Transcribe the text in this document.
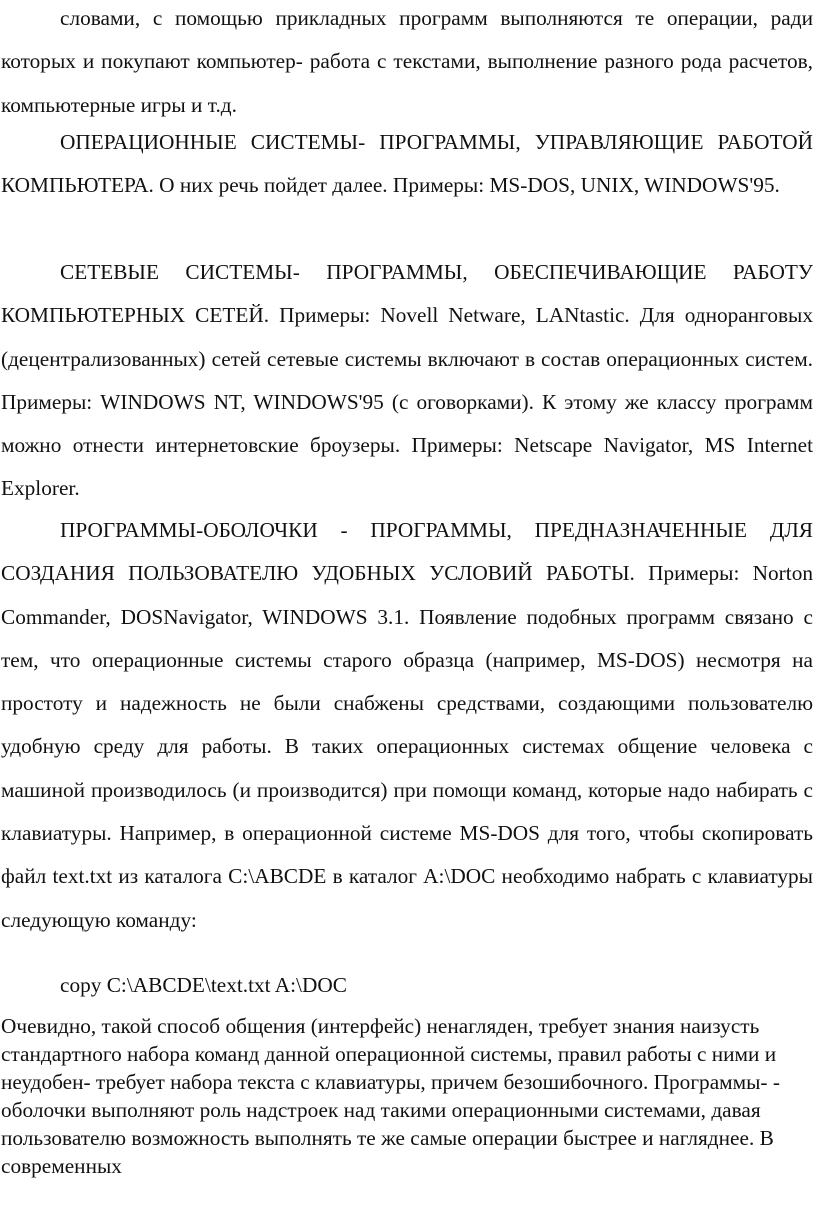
словами, с помощью прикладных программ выполняются те операции, ради которых и покупают компьютер- работа с текстами, выполнение разного рода расчетов, компьютерные игры и т.д.

ОПЕРАЦИОННЫЕ СИСТЕМЫ- ПРОГРАММЫ, УПРАВЛЯЮЩИЕ РАБОТОЙ КОМПЬЮТЕРА. О них речь пойдет далее. Примеры: MS-DOS, UNIX, WINDOWS'95.

СЕТЕВЫЕ СИСТЕМЫ- ПРОГРАММЫ, ОБЕСПЕЧИВАЮЩИЕ РАБОТУ КОМПЬЮТЕРНЫХ СЕТЕЙ. Примеры: Novell Netware, LANtastic. Для одноранговых (децентрализованных) сетей сетевые системы включают в состав операционных систем. Примеры: WINDOWS NT, WINDOWS'95 (с оговорками). К этому же классу программ можно отнести интернетовские броузеры. Примеры: Netscape Navigator, MS Internet Explorer.

ПРОГРАММЫ-ОБОЛОЧКИ - ПРОГРАММЫ, ПРЕДНАЗНАЧЕННЫЕ ДЛЯ СОЗДАНИЯ ПОЛЬЗОВАТЕЛЮ УДОБНЫХ УСЛОВИЙ РАБОТЫ. Примеры: Norton Commander, DOSNavigator, WINDOWS 3.1. Появление подобных программ связано с тем, что операционные системы старого образца (например, MS-DOS) несмотря на простоту и надежность не были снабжены средствами, создающими пользователю удобную среду для работы. В таких операционных системах общение человека с машиной производилось (и производится) при помощи команд, которые надо набирать с клавиатуры. Например, в операционной системе MS-DOS для того, чтобы скопировать файл text.txt из каталога C:\ABCDE в каталог A:\DOC необходимо набрать с клавиатуры следующую команду:

copy C:\ABCDE\text.txt A:\DOC

Очевидно, такой способ общения (интерфейс) ненагляден, требует знания наизусть стандартного набора команд данной операционной системы, правил работы с ними и неудобен- требует набора текста с клавиатуры, причем безошибочного. Программы- - оболочки выполняют роль надстроек над такими операционными системами, давая пользователю возможность выполнять те же самые операции быстрее и нагляднее. В современных
